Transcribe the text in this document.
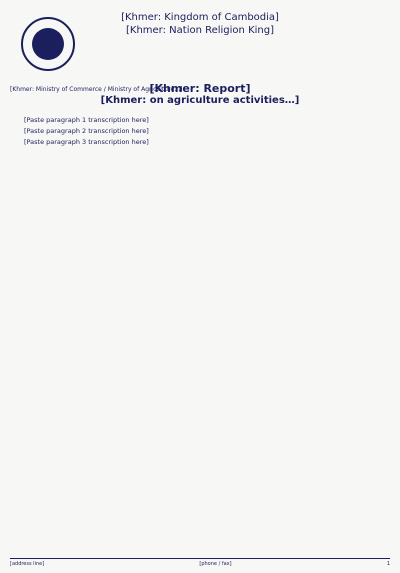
[Khmer: Kingdom of Cambodia]
[Khmer: Nation Religion King]
[Khmer: Ministry of Commerce / Ministry of Agriculture…]
[Khmer: Report]
[Khmer: on agriculture activities…]

[Paste paragraph 1 transcription here]

[Paste paragraph 2 transcription here]

[Paste paragraph 3 transcription here]

[address line]	[phone / fax]	1
